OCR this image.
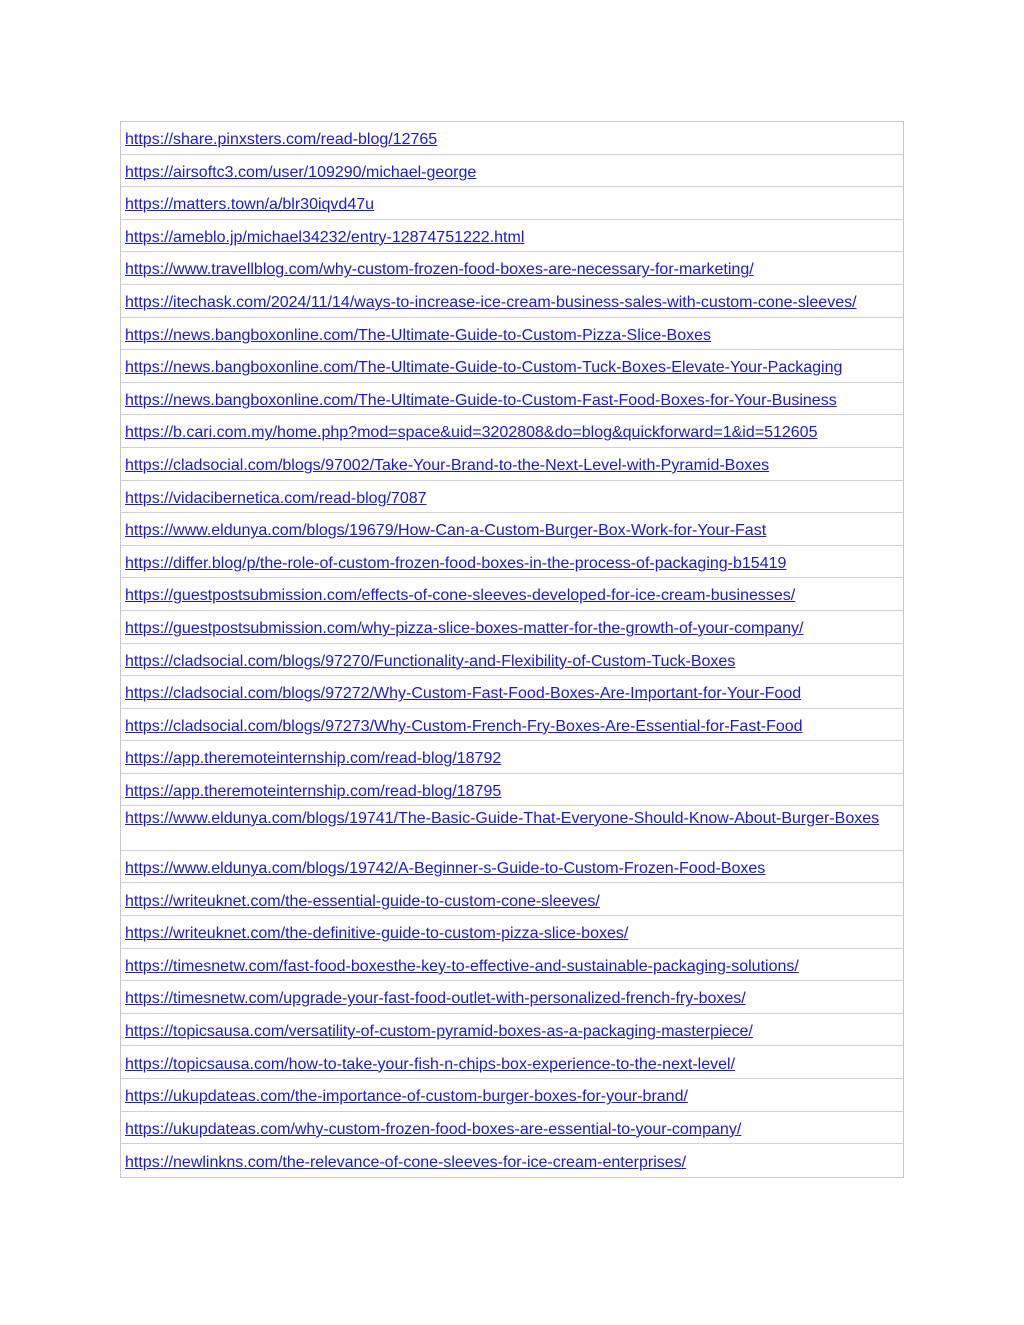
https://share.pinxsters.com/read-blog/12765
https://airsoftc3.com/user/109290/michael-george
https://matters.town/a/blr30iqvd47u
https://ameblo.jp/michael34232/entry-12874751222.html
https://www.travellblog.com/why-custom-frozen-food-boxes-are-necessary-for-marketing/
https://itechask.com/2024/11/14/ways-to-increase-ice-cream-business-sales-with-custom-cone-sleeves/
https://news.bangboxonline.com/The-Ultimate-Guide-to-Custom-Pizza-Slice-Boxes
https://news.bangboxonline.com/The-Ultimate-Guide-to-Custom-Tuck-Boxes-Elevate-Your-Packaging
https://news.bangboxonline.com/The-Ultimate-Guide-to-Custom-Fast-Food-Boxes-for-Your-Business
https://b.cari.com.my/home.php?mod=space&uid=3202808&do=blog&quickforward=1&id=512605
https://cladsocial.com/blogs/97002/Take-Your-Brand-to-the-Next-Level-with-Pyramid-Boxes
https://vidacibernetica.com/read-blog/7087
https://www.eldunya.com/blogs/19679/How-Can-a-Custom-Burger-Box-Work-for-Your-Fast
https://differ.blog/p/the-role-of-custom-frozen-food-boxes-in-the-process-of-packaging-b15419
https://guestpostsubmission.com/effects-of-cone-sleeves-developed-for-ice-cream-businesses/
https://guestpostsubmission.com/why-pizza-slice-boxes-matter-for-the-growth-of-your-company/
https://cladsocial.com/blogs/97270/Functionality-and-Flexibility-of-Custom-Tuck-Boxes
https://cladsocial.com/blogs/97272/Why-Custom-Fast-Food-Boxes-Are-Important-for-Your-Food
https://cladsocial.com/blogs/97273/Why-Custom-French-Fry-Boxes-Are-Essential-for-Fast-Food
https://app.theremoteinternship.com/read-blog/18792
https://app.theremoteinternship.com/read-blog/18795
https://www.eldunya.com/blogs/19741/The-Basic-Guide-That-Everyone-Should-Know-About-Burger-Boxes
https://www.eldunya.com/blogs/19742/A-Beginner-s-Guide-to-Custom-Frozen-Food-Boxes
https://writeuknet.com/the-essential-guide-to-custom-cone-sleeves/
https://writeuknet.com/the-definitive-guide-to-custom-pizza-slice-boxes/
https://timesnetw.com/fast-food-boxesthe-key-to-effective-and-sustainable-packaging-solutions/
https://timesnetw.com/upgrade-your-fast-food-outlet-with-personalized-french-fry-boxes/
https://topicsausa.com/versatility-of-custom-pyramid-boxes-as-a-packaging-masterpiece/
https://topicsausa.com/how-to-take-your-fish-n-chips-box-experience-to-the-next-level/
https://ukupdateas.com/the-importance-of-custom-burger-boxes-for-your-brand/
https://ukupdateas.com/why-custom-frozen-food-boxes-are-essential-to-your-company/
https://newlinkns.com/the-relevance-of-cone-sleeves-for-ice-cream-enterprises/
